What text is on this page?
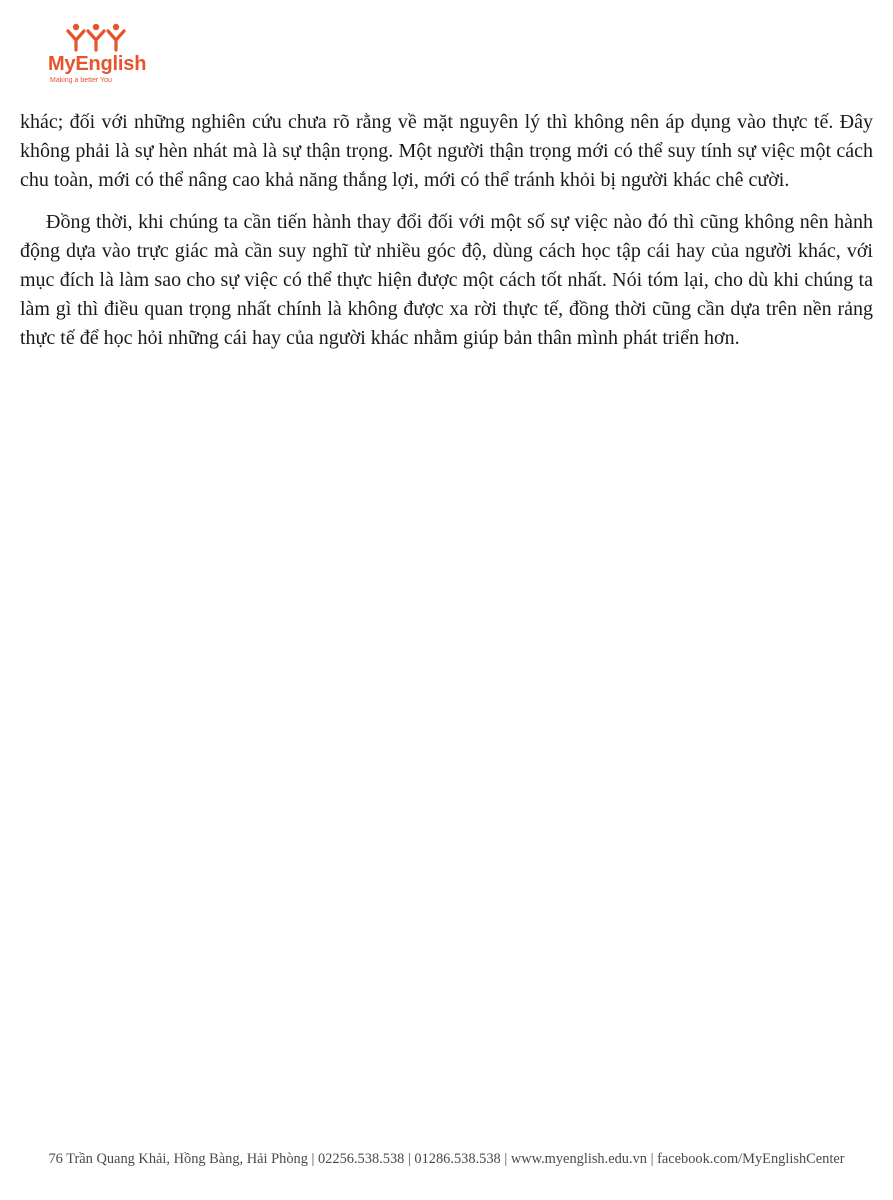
MyEnglish
Making a better You

khác; đối với những nghiên cứu chưa rõ rằng về mặt nguyên lý thì không nên áp dụng vào thực tế. Đây không phải là sự hèn nhát mà là sự thận trọng. Một người thận trọng mới có thể suy tính sự việc một cách chu toàn, mới có thể nâng cao khả năng thắng lợi, mới có thể tránh khỏi bị người khác chê cười.

Đồng thời, khi chúng ta cần tiến hành thay đổi đối với một số sự việc nào đó thì cũng không nên hành động dựa vào trực giác mà cần suy nghĩ từ nhiều góc độ, dùng cách học tập cái hay của người khác, với mục đích là làm sao cho sự việc có thể thực hiện được một cách tốt nhất. Nói tóm lại, cho dù khi chúng ta làm gì thì điều quan trọng nhất chính là không được xa rời thực tế, đồng thời cũng cần dựa trên nền rảng thực tế để học hỏi những cái hay của người khác nhằm giúp bản thân mình phát triển hơn.

76 Trần Quang Khải, Hồng Bàng, Hải Phòng | 02256.538.538 | 01286.538.538 | www.myenglish.edu.vn | facebook.com/MyEnglishCenter
